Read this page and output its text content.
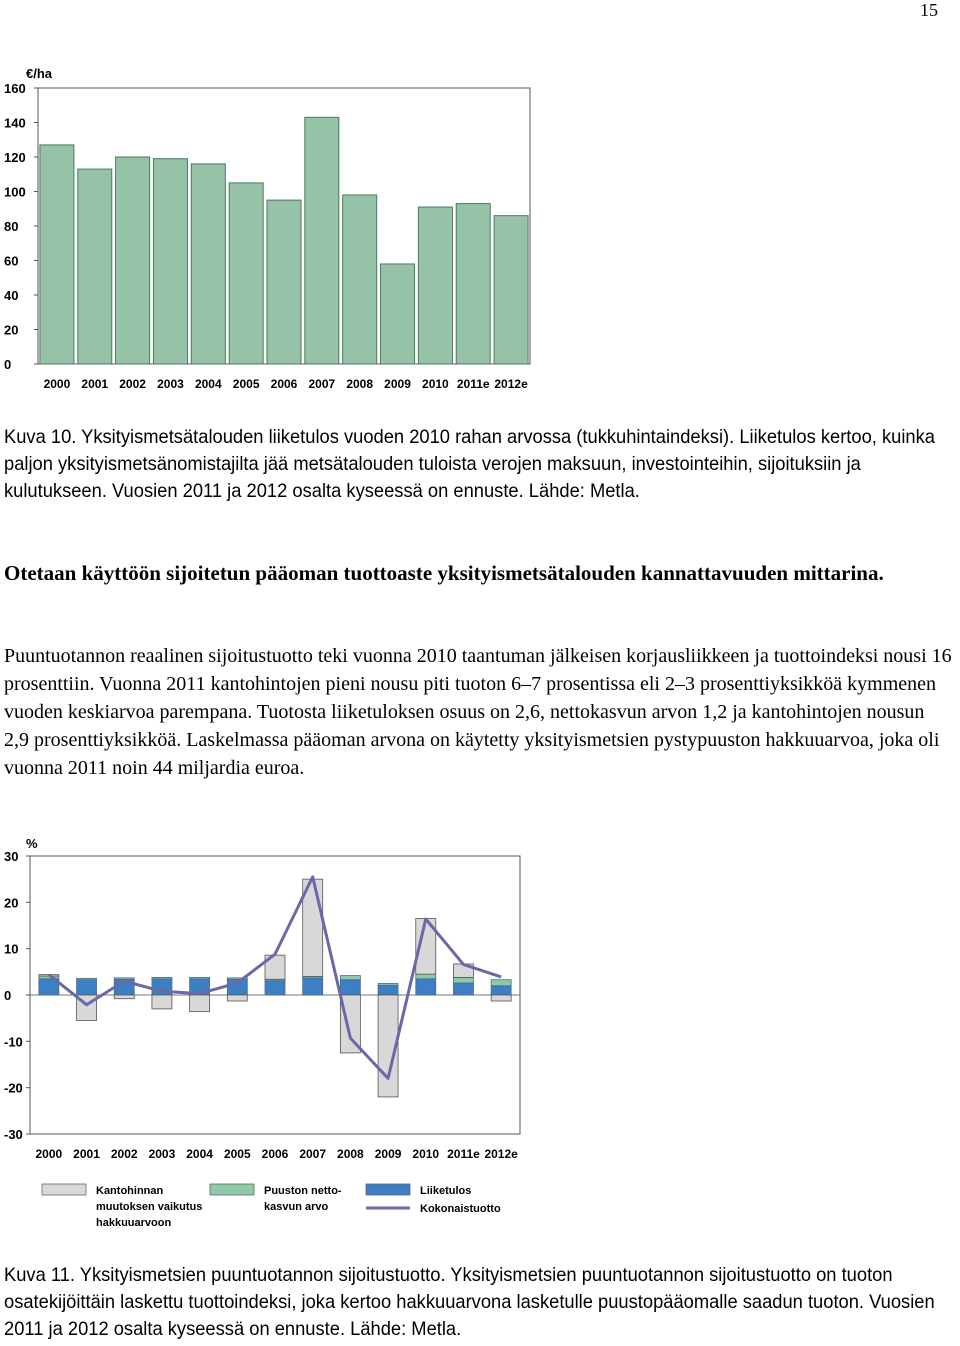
15
€/ha
0
20
40
60
80
100
120
140
160
2000 2001 2002 2003 2004 2005 2006 2007 2008 2009 2010 2011e 2012e

Kuva 10. Yksityismetsätalouden liiketulos vuoden 2010 rahan arvossa (tukkuhintaindeksi). Liiketulos kertoo, kuinka paljon yksityismetsänomistajilta jää metsätalouden tuloista verojen maksuun, investointeihin, sijoituksiin ja kulutukseen. Vuosien 2011 ja 2012 osalta kyseessä on ennuste. Lähde: Metla.

Otetaan käyttöön sijoitetun pääoman tuottoaste yksityismetsätalouden kannattavuuden mittarina.

Puuntuotannon reaalinen sijoitustuotto teki vuonna 2010 taantuman jälkeisen korjausliikkeen ja tuottoindeksi nousi 16 prosenttiin. Vuonna 2011 kantohintojen pieni nousu piti tuoton 6–7 prosentissa eli 2–3 prosenttiyksikköä kymmenen vuoden keskiarvoa parempana. Tuotosta liiketuloksen osuus on 2,6, nettokasvun arvon 1,2 ja kantohintojen nousun 2,9 prosenttiyksikköä. Laskelmassa pääoman arvona on käytetty yksityismetsien pystypuuston hakkuuarvoa, joka oli vuonna 2011 noin 44 miljardia euroa.

%
30
20
10
0
-10
-20
-30
2000 2001 2002 2003 2004 2005 2006 2007 2008 2009 2010 2011e 2012e
Kantohinnan
muutoksen vaikutus
hakkuuarvoon
Puuston netto-
kasvun arvo
Liiketulos
Kokonaistuotto

Kuva 11. Yksityismetsien puuntuotannon sijoitustuotto. Yksityismetsien puuntuotannon sijoitustuotto on tuoton osatekijöittäin laskettu tuottoindeksi, joka kertoo hakkuuarvona lasketulle puustopääomalle saadun tuoton. Vuosien 2011 ja 2012 osalta kyseessä on ennuste. Lähde: Metla.
